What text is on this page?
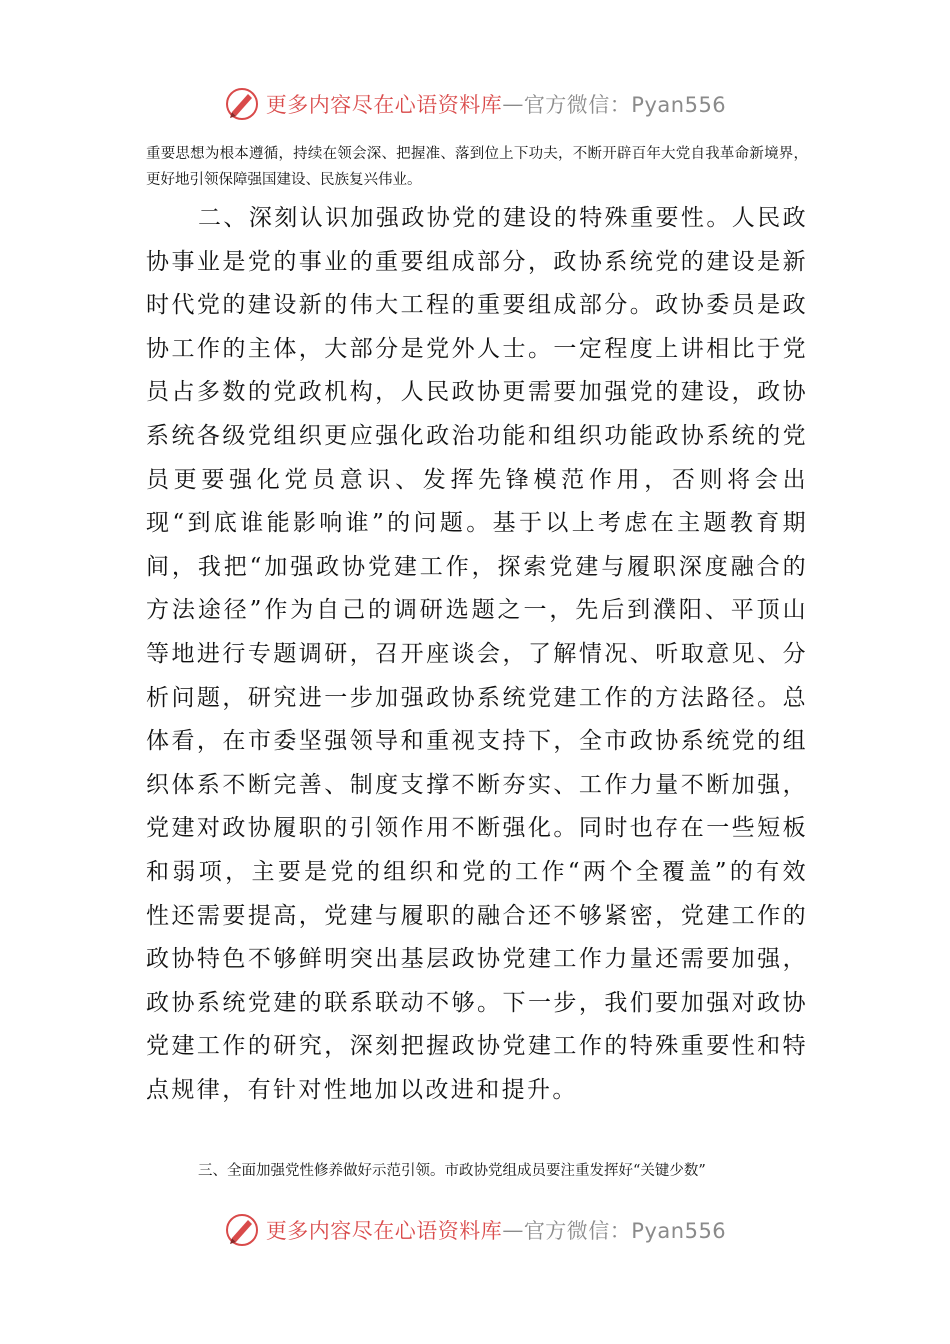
更多内容尽在心语资料库 — 官方微信：Pyan556
重要思想为根本遵循，持续在领会深、把握准、落到位上下功夫，不断开辟百年大党自我革命新境界，更好地引领保障强国建设、民族复兴伟业。
二、深刻认识加强政协党的建设的特殊重要性。人民政协事业是党的事业的重要组成部分，政协系统党的建设是新时代党的建设新的伟大工程的重要组成部分。政协委员是政协工作的主体，大部分是党外人士。一定程度上讲相比于党员占多数的党政机构，人民政协更需要加强党的建设，政协系统各级党组织更应强化政治功能和组织功能政协系统的党员更要强化党员意识、发挥先锋模范作用，否则将会出现“到底谁能影响谁”的问题。基于以上考虑在主题教育期间，我把“加强政协党建工作，探索党建与履职深度融合的方法途径”作为自己的调研选题之一，先后到濮阳、平顶山等地进行专题调研，召开座谈会，了解情况、听取意见、分析问题，研究进一步加强政协系统党建工作的方法路径。总体看，在市委坚强领导和重视支持下，全市政协系统党的组织体系不断完善、制度支撑不断夯实、工作力量不断加强，党建对政协履职的引领作用不断强化。同时也存在一些短板和弱项，主要是党的组织和党的工作“两个全覆盖”的有效性还需要提高，党建与履职的融合还不够紧密，党建工作的政协特色不够鲜明突出基层政协党建工作力量还需要加强，政协系统党建的联系联动不够。下一步，我们要加强对政协党建工作的研究，深刻把握政协党建工作的特殊重要性和特点规律，有针对性地加以改进和提升。
三、全面加强党性修养做好示范引领。市政协党组成员要注重发挥好“关键少数”
更多内容尽在心语资料库 — 官方微信：Pyan556
